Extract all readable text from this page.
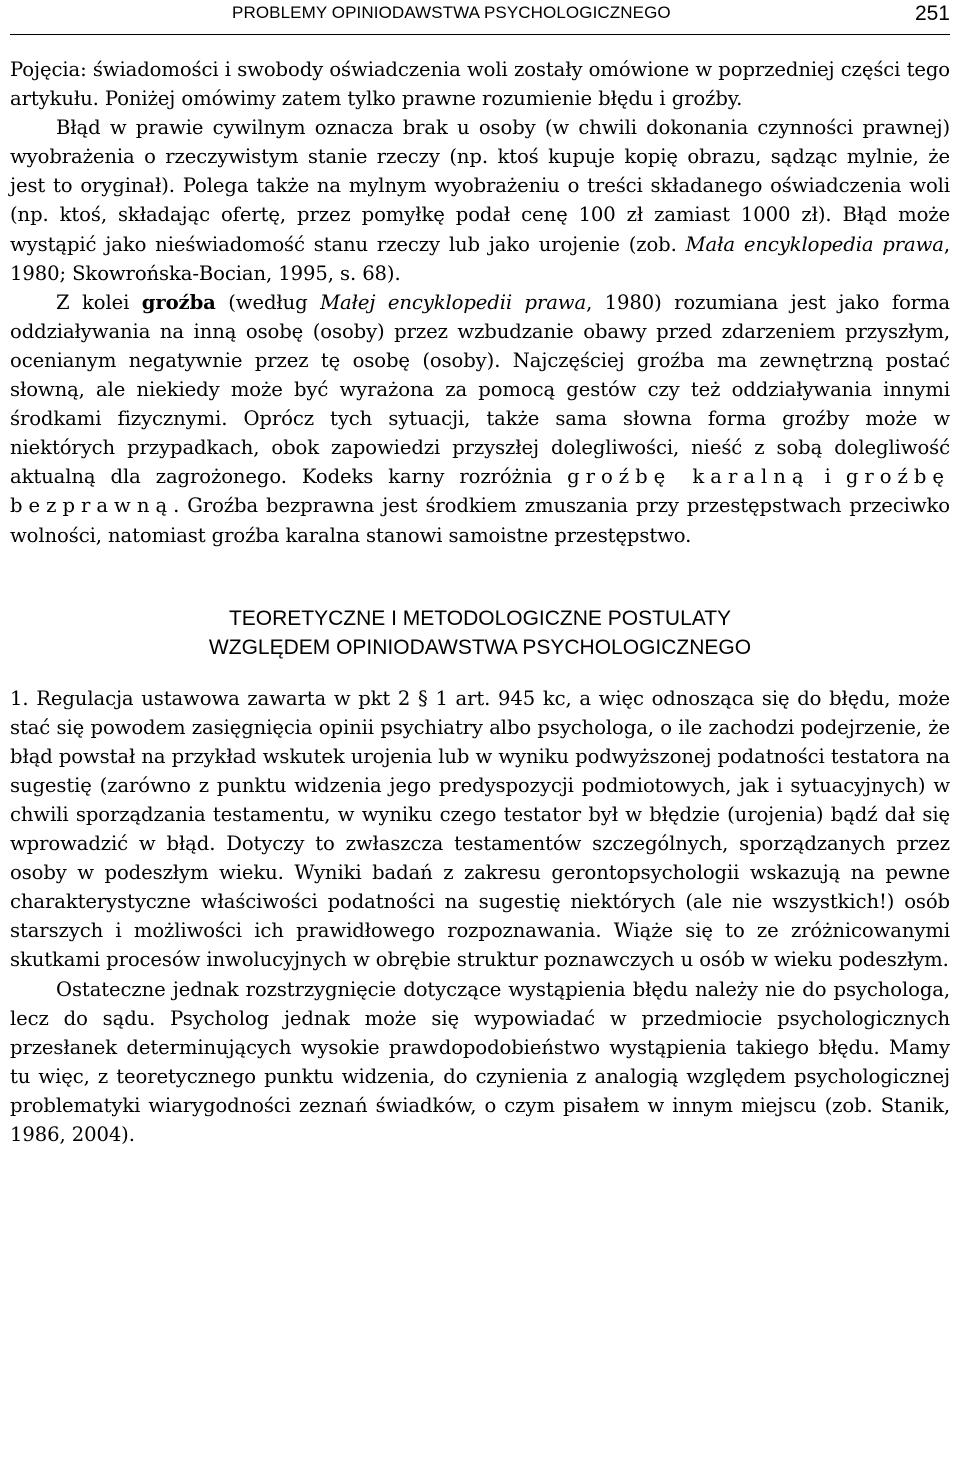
PROBLEMY OPINIODAWSTWA PSYCHOLOGICZNEGO	251

Pojęcia: świadomości i swobody oświadczenia woli zostały omówione w poprzedniej części tego artykułu. Poniżej omówimy zatem tylko prawne rozumienie błędu i groźby.

Błąd w prawie cywilnym oznacza brak u osoby (w chwili dokonania czynności prawnej) wyobrażenia o rzeczywistym stanie rzeczy (np. ktoś kupuje kopię obrazu, sądząc mylnie, że jest to oryginał). Polega także na mylnym wyobrażeniu o treści składanego oświadczenia woli (np. ktoś, składając ofertę, przez pomyłkę podał cenę 100 zł zamiast 1000 zł). Błąd może wystąpić jako nieświadomość stanu rzeczy lub jako urojenie (zob. Mała encyklopedia prawa, 1980; Skowrońska-Bocian, 1995, s. 68).

Z kolei groźba (według Małej encyklopedii prawa, 1980) rozumiana jest jako forma oddziaływania na inną osobę (osoby) przez wzbudzanie obawy przed zdarzeniem przyszłym, ocenianym negatywnie przez tę osobę (osoby). Najczęściej groźba ma zewnętrzną postać słowną, ale niekiedy może być wyrażona za pomocą gestów czy też oddziaływania innymi środkami fizycznymi. Oprócz tych sytuacji, także sama słowna forma groźby może w niektórych przypadkach, obok zapowiedzi przyszłej dolegliwości, nieść z sobą dolegliwość aktualną dla zagrożonego. Kodeks karny rozróżnia groźbę karalną i groźbę bezprawną. Groźba bezprawna jest środkiem zmuszania przy przestępstwach przeciwko wolności, natomiast groźba karalna stanowi samoistne przestępstwo.

TEORETYCZNE I METODOLOGICZNE POSTULATY
WZGLĘDEM OPINIODAWSTWA PSYCHOLOGICZNEGO

1. Regulacja ustawowa zawarta w pkt 2 § 1 art. 945 kc, a więc odnosząca się do błędu, może stać się powodem zasięgnięcia opinii psychiatry albo psychologa, o ile zachodzi podejrzenie, że błąd powstał na przykład wskutek urojenia lub w wyniku podwyższonej podatności testatora na sugestię (zarówno z punktu widzenia jego predyspozycji podmiotowych, jak i sytuacyjnych) w chwili sporządzania testamentu, w wyniku czego testator był w błędzie (urojenia) bądź dał się wprowadzić w błąd. Dotyczy to zwłaszcza testamentów szczególnych, sporządzanych przez osoby w podeszłym wieku. Wyniki badań z zakresu gerontopsychologii wskazują na pewne charakterystyczne właściwości podatności na sugestię niektórych (ale nie wszystkich!) osób starszych i możliwości ich prawidłowego rozpoznawania. Wiąże się to ze zróżnicowanymi skutkami procesów inwolucyjnych w obrębie struktur poznawczych u osób w wieku podeszłym.

Ostateczne jednak rozstrzygnięcie dotyczące wystąpienia błędu należy nie do psychologa, lecz do sądu. Psycholog jednak może się wypowiadać w przedmiocie psychologicznych przesłanek determinujących wysokie prawdopodobieństwo wystąpienia takiego błędu. Mamy tu więc, z teoretycznego punktu widzenia, do czynienia z analogią względem psychologicznej problematyki wiarygodności zeznań świadków, o czym pisałem w innym miejscu (zob. Stanik, 1986, 2004).
